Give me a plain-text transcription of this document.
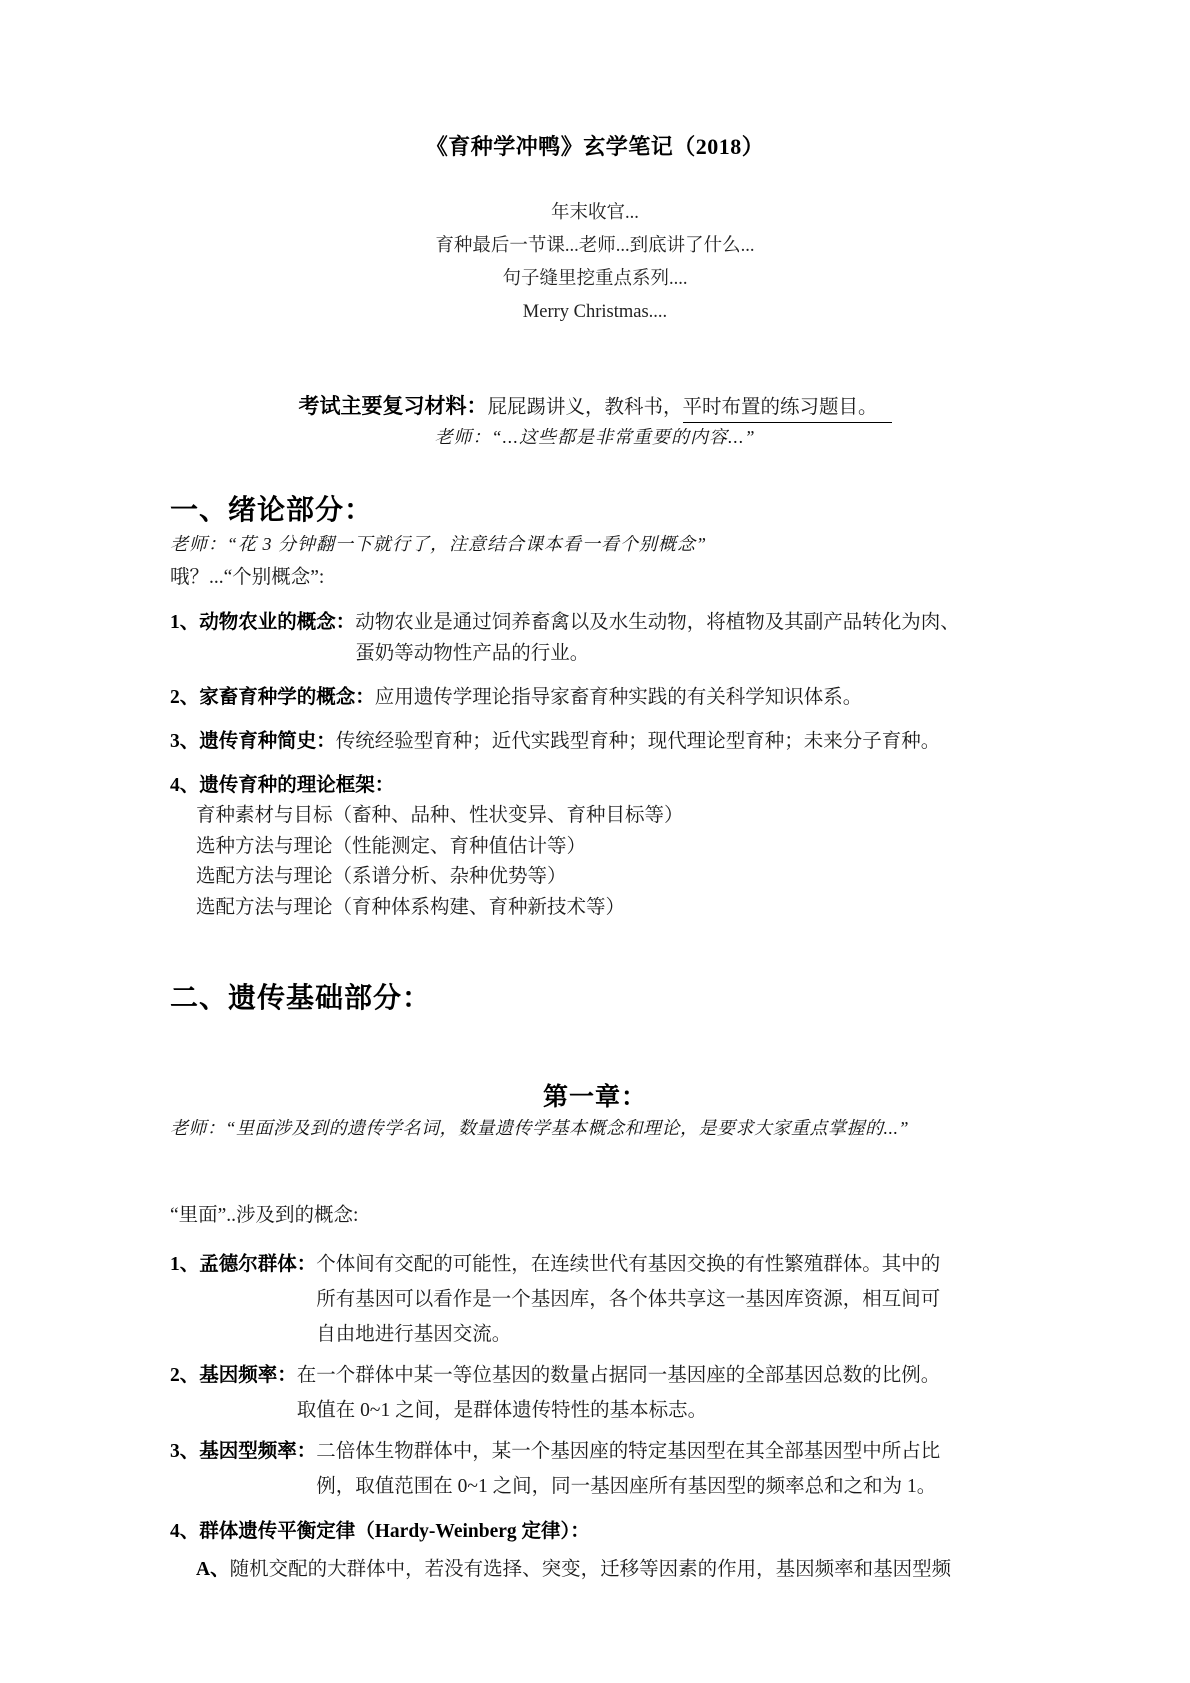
《育种学冲鸭》玄学笔记（2018）

年末收官...

育种最后一节课...老师...到底讲了什么...

句子缝里挖重点系列....

Merry Christmas....

考试主要复习材料：屁屁踢讲义，教科书，平时布置的练习题目。

老师：“...这些都是非常重要的内容...”

一、绪论部分：

老师：“花 3 分钟翻一下就行了，注意结合课本看一看个别概念”

哦？...“个别概念”:

1、动物农业的概念： 动物农业是通过饲养畜禽以及水生动物，将植物及其副产品转化为肉、
蛋奶等动物性产品的行业。
2、家畜育种学的概念： 应用遗传学理论指导家畜育种实践的有关科学知识体系。
3、遗传育种简史： 传统经验型育种；近代实践型育种；现代理论型育种；未来分子育种。
4、遗传育种的理论框架：
育种素材与目标（畜种、品种、性状变异、育种目标等）
选种方法与理论（性能测定、育种值估计等）
选配方法与理论（系谱分析、杂种优势等）
选配方法与理论（育种体系构建、育种新技术等）
二、遗传基础部分：
第一章：

老师：“里面涉及到的遗传学名词，数量遗传学基本概念和理论，是要求大家重点掌握的...”

“里面”..涉及到的概念:

1、孟德尔群体： 个体间有交配的可能性，在连续世代有基因交换的有性繁殖群体。其中的
所有基因可以看作是一个基因库，各个体共享这一基因库资源，相互间可
自由地进行基因交流。
2、基因频率： 在一个群体中某一等位基因的数量占据同一基因座的全部基因总数的比例。
取值在 0~1 之间，是群体遗传特性的基本标志。
3、基因型频率： 二倍体生物群体中，某一个基因座的特定基因型在其全部基因型中所占比
例，取值范围在 0~1 之间，同一基因座所有基因型的频率总和之和为 1。
4、群体遗传平衡定律（Hardy-Weinberg 定律）：
A、 随机交配的大群体中，若没有选择、突变，迁移等因素的作用，基因频率和基因型频
